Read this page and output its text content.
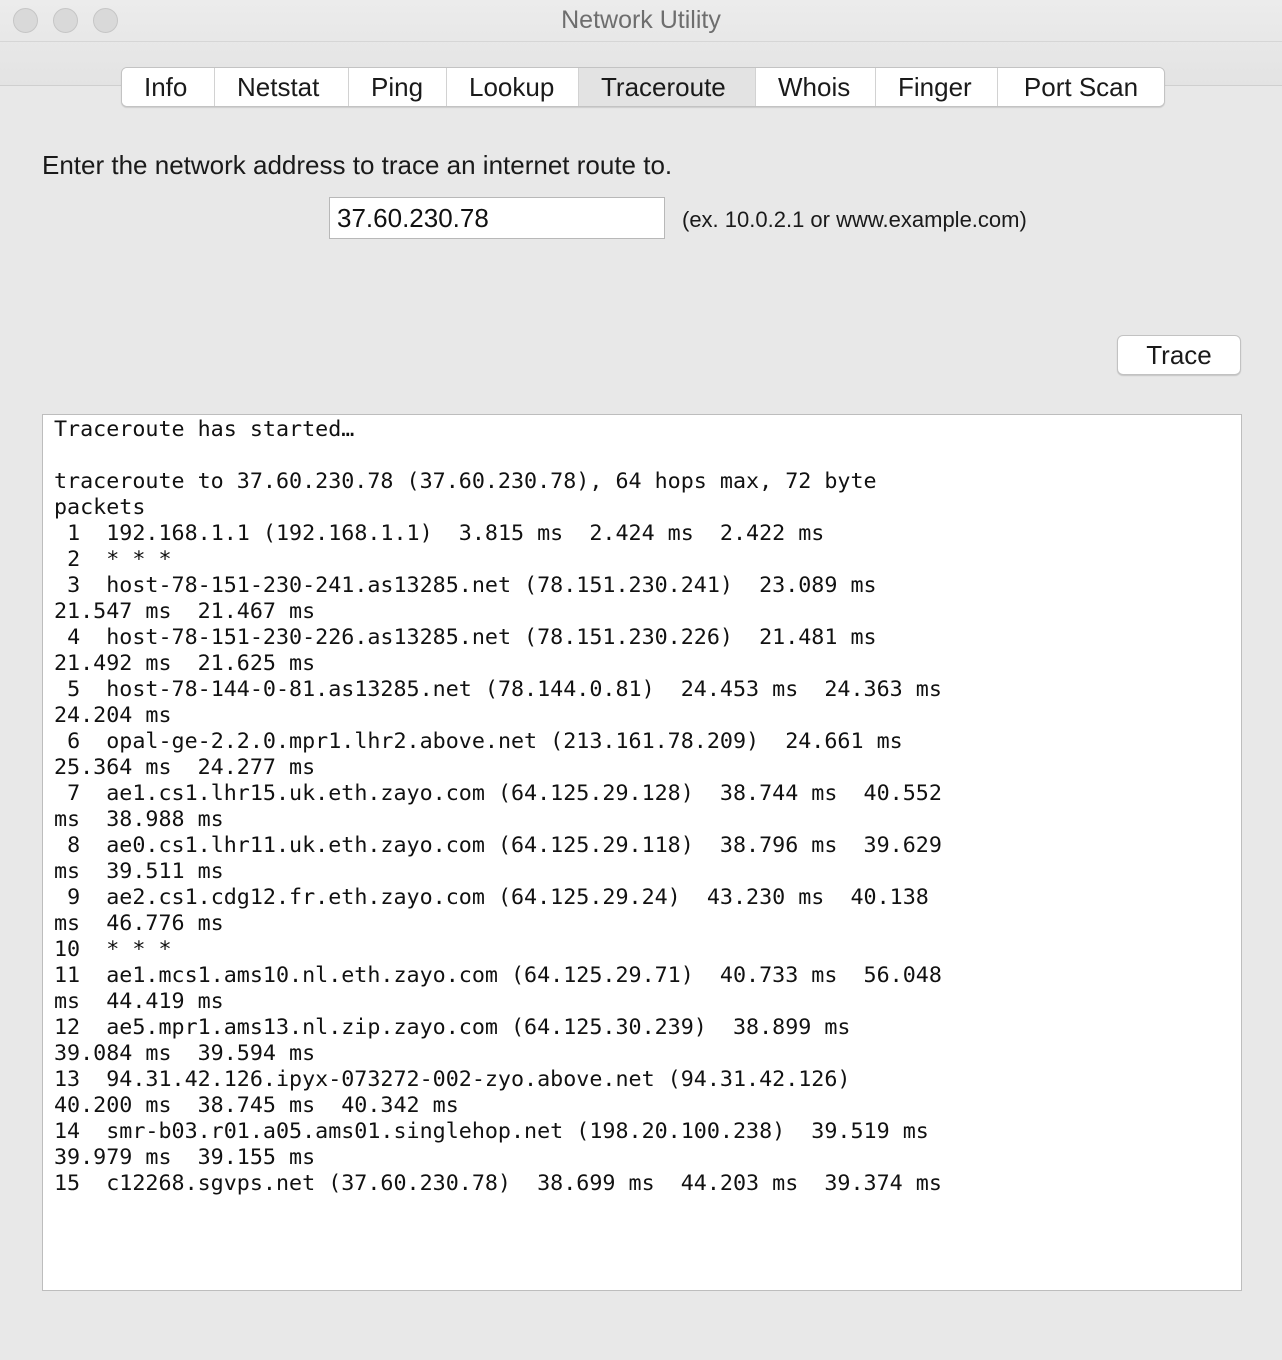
Network Utility
Info	Netstat	Ping	Lookup	Traceroute	Whois	Finger	Port Scan
Enter the network address to trace an internet route to.
37.60.230.78
(ex. 10.0.2.1 or www.example.com)
Trace
Traceroute has started…

traceroute to 37.60.230.78 (37.60.230.78), 64 hops max, 72 byte
packets
1  192.168.1.1 (192.168.1.1)  3.815 ms  2.424 ms  2.422 ms
2  * * *
3  host-78-151-230-241.as13285.net (78.151.230.241)  23.089 ms
21.547 ms  21.467 ms
4  host-78-151-230-226.as13285.net (78.151.230.226)  21.481 ms
21.492 ms  21.625 ms
5  host-78-144-0-81.as13285.net (78.144.0.81)  24.453 ms  24.363 ms
24.204 ms
6  opal-ge-2.2.0.mpr1.lhr2.above.net (213.161.78.209)  24.661 ms
25.364 ms  24.277 ms
7  ae1.cs1.lhr15.uk.eth.zayo.com (64.125.29.128)  38.744 ms  40.552
ms  38.988 ms
8  ae0.cs1.lhr11.uk.eth.zayo.com (64.125.29.118)  38.796 ms  39.629
ms  39.511 ms
9  ae2.cs1.cdg12.fr.eth.zayo.com (64.125.29.24)  43.230 ms  40.138
ms  46.776 ms
10  * * *
11  ae1.mcs1.ams10.nl.eth.zayo.com (64.125.29.71)  40.733 ms  56.048
ms  44.419 ms
12  ae5.mpr1.ams13.nl.zip.zayo.com (64.125.30.239)  38.899 ms
39.084 ms  39.594 ms
13  94.31.42.126.ipyx-073272-002-zyo.above.net (94.31.42.126)
40.200 ms  38.745 ms  40.342 ms
14  smr-b03.r01.a05.ams01.singlehop.net (198.20.100.238)  39.519 ms
39.979 ms  39.155 ms
15  c12268.sgvps.net (37.60.230.78)  38.699 ms  44.203 ms  39.374 ms
